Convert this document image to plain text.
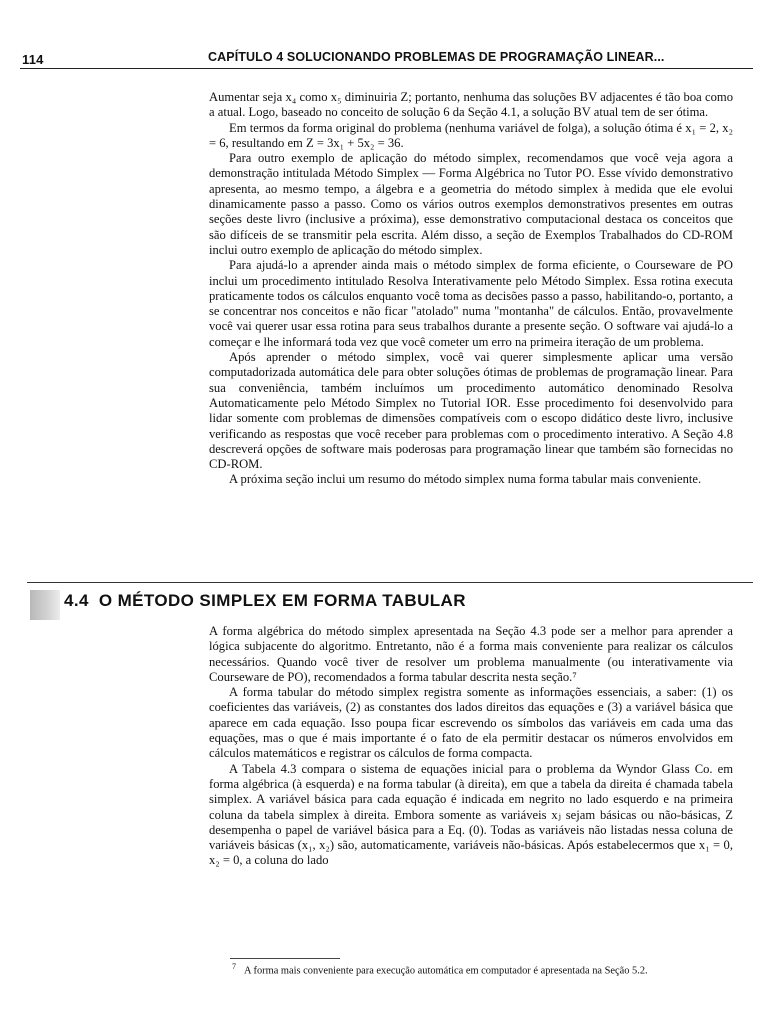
114	CAPÍTULO 4 SOLUCIONANDO PROBLEMAS DE PROGRAMAÇÃO LINEAR...

Aumentar seja x₄ como x₅ diminuiria Z; portanto, nenhuma das soluções BV adjacentes é tão boa como a atual. Logo, baseado no conceito de solução 6 da Seção 4.1, a solução BV atual tem de ser ótima.

Em termos da forma original do problema (nenhuma variável de folga), a solução ótima é x₁ = 2, x₂ = 6, resultando em Z = 3x₁ + 5x₂ = 36.

Para outro exemplo de aplicação do método simplex, recomendamos que você veja agora a demonstração intitulada Método Simplex — Forma Algébrica no Tutor PO. Esse vívido demonstrativo apresenta, ao mesmo tempo, a álgebra e a geometria do método simplex à medida que ele evolui dinamicamente passo a passo. Como os vários outros exemplos demonstrativos presentes em outras seções deste livro (inclusive a próxima), esse demonstrativo computacional destaca os conceitos que são difíceis de se transmitir pela escrita. Além disso, a seção de Exemplos Trabalhados do CD-ROM inclui outro exemplo de aplicação do método simplex.

Para ajudá-lo a aprender ainda mais o método simplex de forma eficiente, o Courseware de PO inclui um procedimento intitulado Resolva Interativamente pelo Método Simplex. Essa rotina executa praticamente todos os cálculos enquanto você toma as decisões passo a passo, habilitando-o, portanto, a se concentrar nos conceitos e não ficar "atolado" numa "montanha" de cálculos. Então, provavelmente você vai querer usar essa rotina para seus trabalhos durante a presente seção. O software vai ajudá-lo a começar e lhe informará toda vez que você cometer um erro na primeira iteração de um problema.

Após aprender o método simplex, você vai querer simplesmente aplicar uma versão computadorizada automática dele para obter soluções ótimas de problemas de programação linear. Para sua conveniência, também incluímos um procedimento automático denominado Resolva Automaticamente pelo Método Simplex no Tutorial IOR. Esse procedimento foi desenvolvido para lidar somente com problemas de dimensões compatíveis com o escopo didático deste livro, inclusive verificando as respostas que você receber para problemas com o procedimento interativo. A Seção 4.8 descreverá opções de software mais poderosas para programação linear que também são fornecidas no CD-ROM.

A próxima seção inclui um resumo do método simplex numa forma tabular mais conveniente.

4.4 O MÉTODO SIMPLEX EM FORMA TABULAR

A forma algébrica do método simplex apresentada na Seção 4.3 pode ser a melhor para aprender a lógica subjacente do algoritmo. Entretanto, não é a forma mais conveniente para realizar os cálculos necessários. Quando você tiver de resolver um problema manualmente (ou interativamente via Courseware de PO), recomendados a forma tabular descrita nesta seção.⁷

A forma tabular do método simplex registra somente as informações essenciais, a saber: (1) os coeficientes das variáveis, (2) as constantes dos lados direitos das equações e (3) a variável básica que aparece em cada equação. Isso poupa ficar escrevendo os símbolos das variáveis em cada uma das equações, mas o que é mais importante é o fato de ela permitir destacar os números envolvidos em cálculos matemáticos e registrar os cálculos de forma compacta.

A Tabela 4.3 compara o sistema de equações inicial para o problema da Wyndor Glass Co. em forma algébrica (à esquerda) e na forma tabular (à direita), em que a tabela da direita é chamada tabela simplex. A variável básica para cada equação é indicada em negrito no lado esquerdo e na primeira coluna da tabela simplex à direita. Embora somente as variáveis xⱼ sejam básicas ou não-básicas, Z desempenha o papel de variável básica para a Eq. (0). Todas as variáveis não listadas nessa coluna de variáveis básicas (x₁, x₂) são, automaticamente, variáveis não-básicas. Após estabelecermos que x₁ = 0, x₂ = 0, a coluna do lado

$^7$ A forma mais conveniente para execução automática em computador é apresentada na Seção 5.2.
